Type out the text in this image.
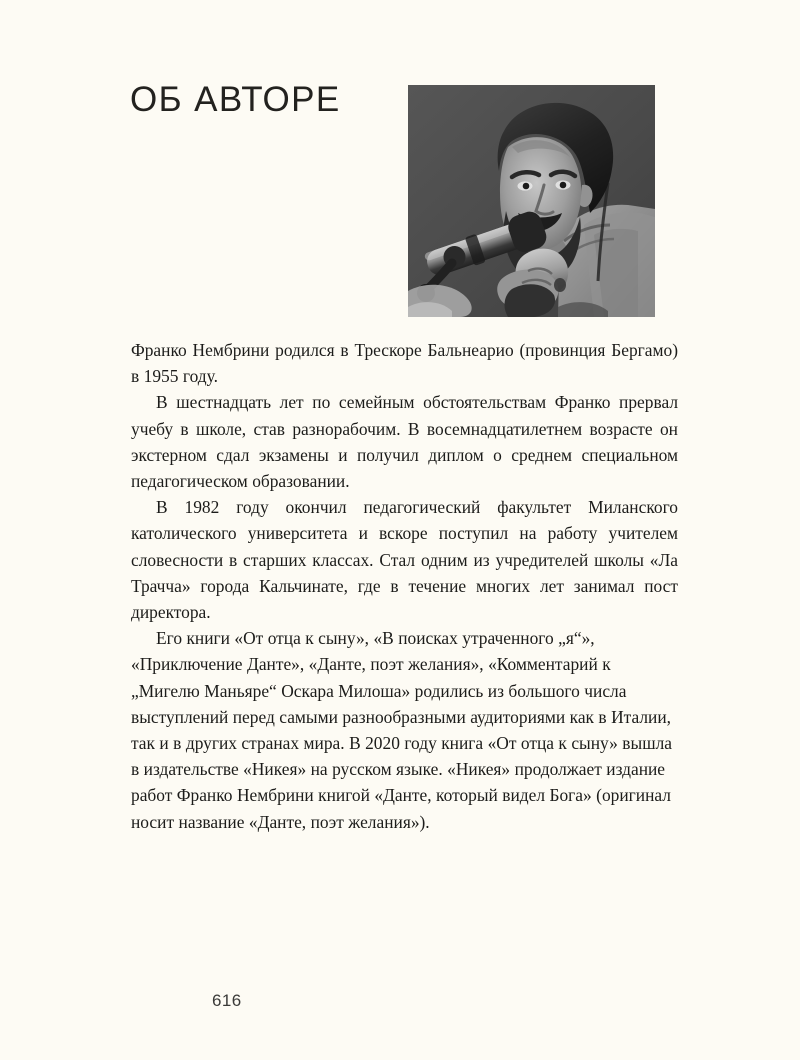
ОБ АВТОРЕ

Франко Нембрини родился в Трескоре Бальнеарио (провинция Бергамо) в 1955 году.

В шестнадцать лет по семейным обстоятельствам Франко прервал учебу в школе, став разнорабочим. В восемнадцатилетнем возрасте он экстерном сдал экзамены и получил диплом о среднем специальном педагогическом образовании.

В 1982 году окончил педагогический факультет Миланского католического университета и вскоре поступил на работу учителем словесности в старших классах. Стал одним из учредителей школы «Ла Трачча» города Кальчинате, где в течение многих лет занимал пост директора.

Его книги «От отца к сыну», «В поисках утраченного „я“», «Приключение Данте», «Данте, поэт желания», «Комментарий к „Мигелю Маньяре“ Оскара Милоша» родились из большого числа выступлений перед самыми разнообразными аудиториями как в Италии, так и в других странах мира. В 2020 году книга «От отца к сыну» вышла в издательстве «Никея» на русском языке. «Никея» продолжает издание работ Франко Нембрини книгой «Данте, который видел Бога» (оригинал носит название «Данте, поэт желания»).

616
